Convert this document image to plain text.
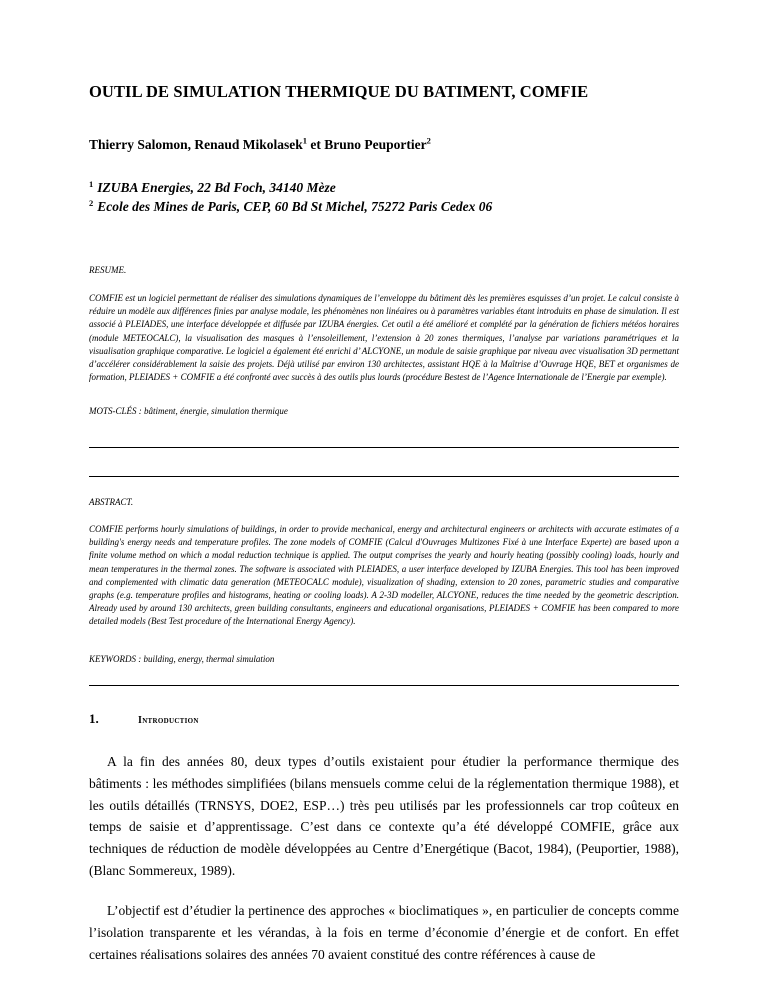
OUTIL DE SIMULATION THERMIQUE DU BATIMENT, COMFIE

Thierry Salomon, Renaud Mikolasek$^1$ et Bruno Peuportier$^2$

$^1$ IZUBA Energies, 22 Bd Foch, 34140 Mèze

$^2$ Ecole des Mines de Paris, CEP, 60 Bd St Michel, 75272 Paris Cedex 06

RESUME.

COMFIE est un logiciel permettant de réaliser des simulations dynamiques de l’enveloppe du bâtiment dès les premières esquisses d’un projet. Le calcul consiste à réduire un modèle aux différences finies par analyse modale, les phénomènes non linéaires ou à paramètres variables étant introduits en phase de simulation. Il est associé à PLEIADES, une interface développée et diffusée par IZUBA énergies. Cet outil a été amélioré et complété par la génération de fichiers météos horaires (module METEOCALC), la visualisation des masques à l’ensoleillement, l’extension à 20 zones thermiques, l’analyse par variations paramétriques et la visualisation graphique comparative. Le logiciel a également été enrichi d’ ALCYONE, un module de saisie graphique par niveau avec visualisation 3D permettant d’accélérer considérablement la saisie des projets. Déjà utilisé par environ 130 architectes, assistant HQE à la Maîtrise d’Ouvrage HQE, BET et organismes de formation, PLEIADES + COMFIE a été confronté avec succès à des outils plus lourds (procédure Bestest de l’Agence Internationale de l’Energie par exemple).

MOTS-CLÉS : bâtiment, énergie, simulation thermique

ABSTRACT.

COMFIE performs hourly simulations of buildings, in order to provide mechanical, energy and architectural engineers or architects with accurate estimates of a building's energy needs and temperature profiles. The zone models of COMFIE (Calcul d'Ouvrages Multizones Fixé à une Interface Experte) are based upon a finite volume method on which a modal reduction technique is applied. The output comprises the yearly and hourly heating (possibly cooling) loads, hourly and mean temperatures in the thermal zones. The software is associated with PLEIADES, a user interface developed by IZUBA Energies. This tool has been improved and complemented with climatic data generation (METEOCALC module), visualization of shading, extension to 20 zones, parametric studies and comparative graphs (e.g. temperature profiles and histograms, heating or cooling loads). A 2-3D modeller, ALCYONE, reduces the time needed by the geometric description. Already used by around 130 architects, green building consultants, engineers and educational organisations, PLEIADES + COMFIE has been compared to more detailed models (Best Test procedure of the International Energy Agency).

KEYWORDS : building, energy, thermal simulation

1.	Introduction

A la fin des années 80, deux types d’outils existaient pour étudier la performance thermique des bâtiments : les méthodes simplifiées (bilans mensuels comme celui de la réglementation thermique 1988), et les outils détaillés (TRNSYS, DOE2, ESP…) très peu utilisés par les professionnels car trop coûteux en temps de saisie et d’apprentissage. C’est dans ce contexte qu’a été développé COMFIE, grâce aux techniques de réduction de modèle développées au Centre d’Energétique (Bacot, 1984), (Peuportier, 1988), (Blanc Sommereux, 1989).

L’objectif est d’étudier la pertinence des approches « bioclimatiques », en particulier de concepts comme l’isolation transparente et les vérandas, à la fois en terme d’économie d’énergie et de confort. En effet certaines réalisations solaires des années 70 avaient constitué des contre références à cause de
